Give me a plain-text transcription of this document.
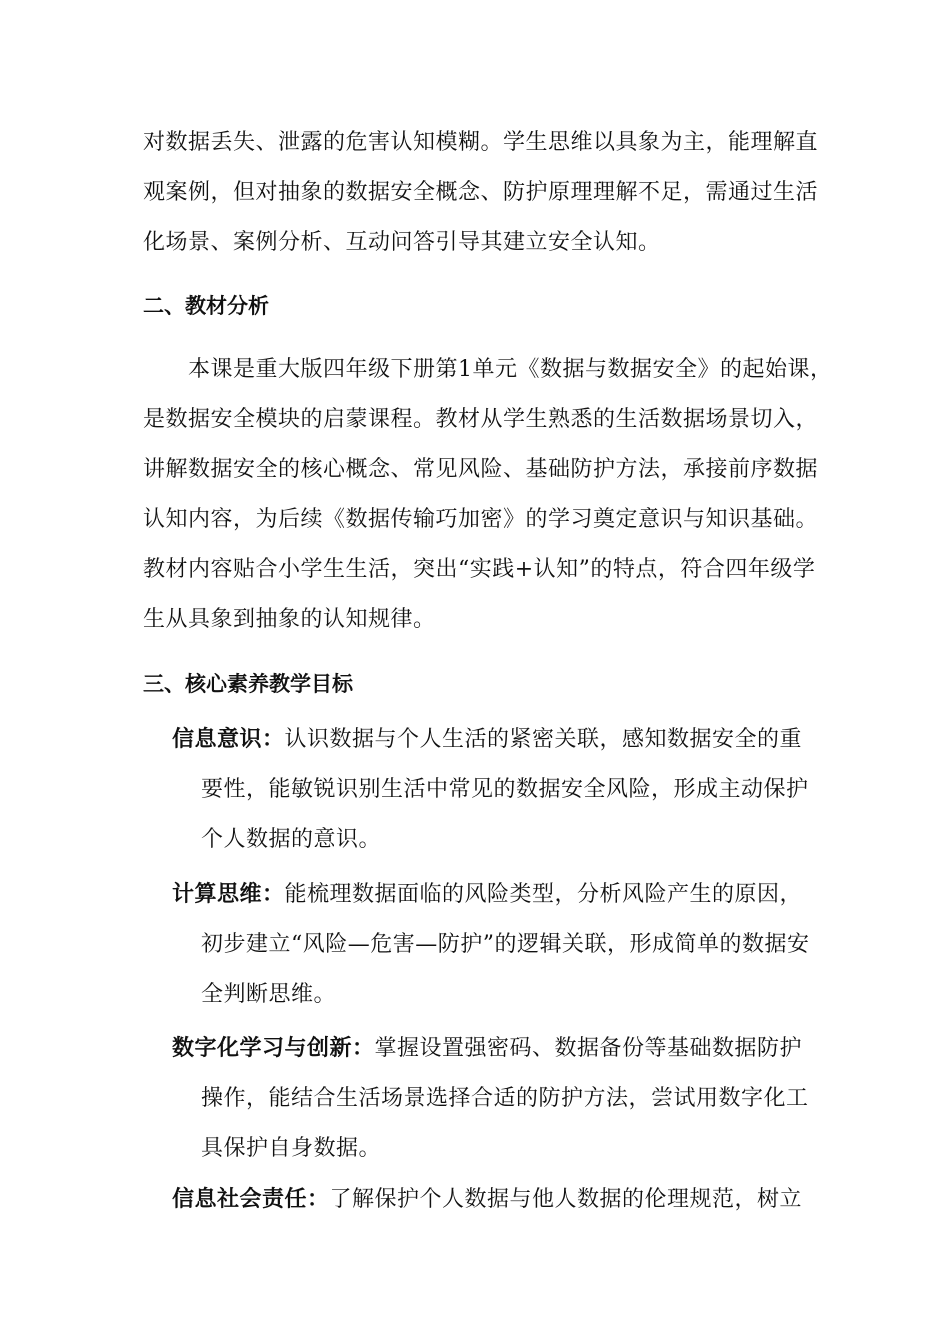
对数据丢失、泄露的危害认知模糊。学生思维以具象为主，能理解直
观案例，但对抽象的数据安全概念、防护原理理解不足，需通过生活
化场景、案例分析、互动问答引导其建立安全认知。
二、教材分析
本课是重大版四年级下册第1单元《数据与数据安全》的起始课，
是数据安全模块的启蒙课程。教材从学生熟悉的生活数据场景切入，
讲解数据安全的核心概念、常见风险、基础防护方法，承接前序数据
认知内容，为后续《数据传输巧加密》的学习奠定意识与知识基础。
教材内容贴合小学生生活，突出“实践+认知”的特点，符合四年级学
生从具象到抽象的认知规律。
三、核心素养教学目标
信息意识：认识数据与个人生活的紧密关联，感知数据安全的重
要性，能敏锐识别生活中常见的数据安全风险，形成主动保护
个人数据的意识。
计算思维：能梳理数据面临的风险类型，分析风险产生的原因，
初步建立“风险—危害—防护”的逻辑关联，形成简单的数据安
全判断思维。
数字化学习与创新：掌握设置强密码、数据备份等基础数据防护
操作，能结合生活场景选择合适的防护方法，尝试用数字化工
具保护自身数据。
信息社会责任：了解保护个人数据与他人数据的伦理规范，树立
